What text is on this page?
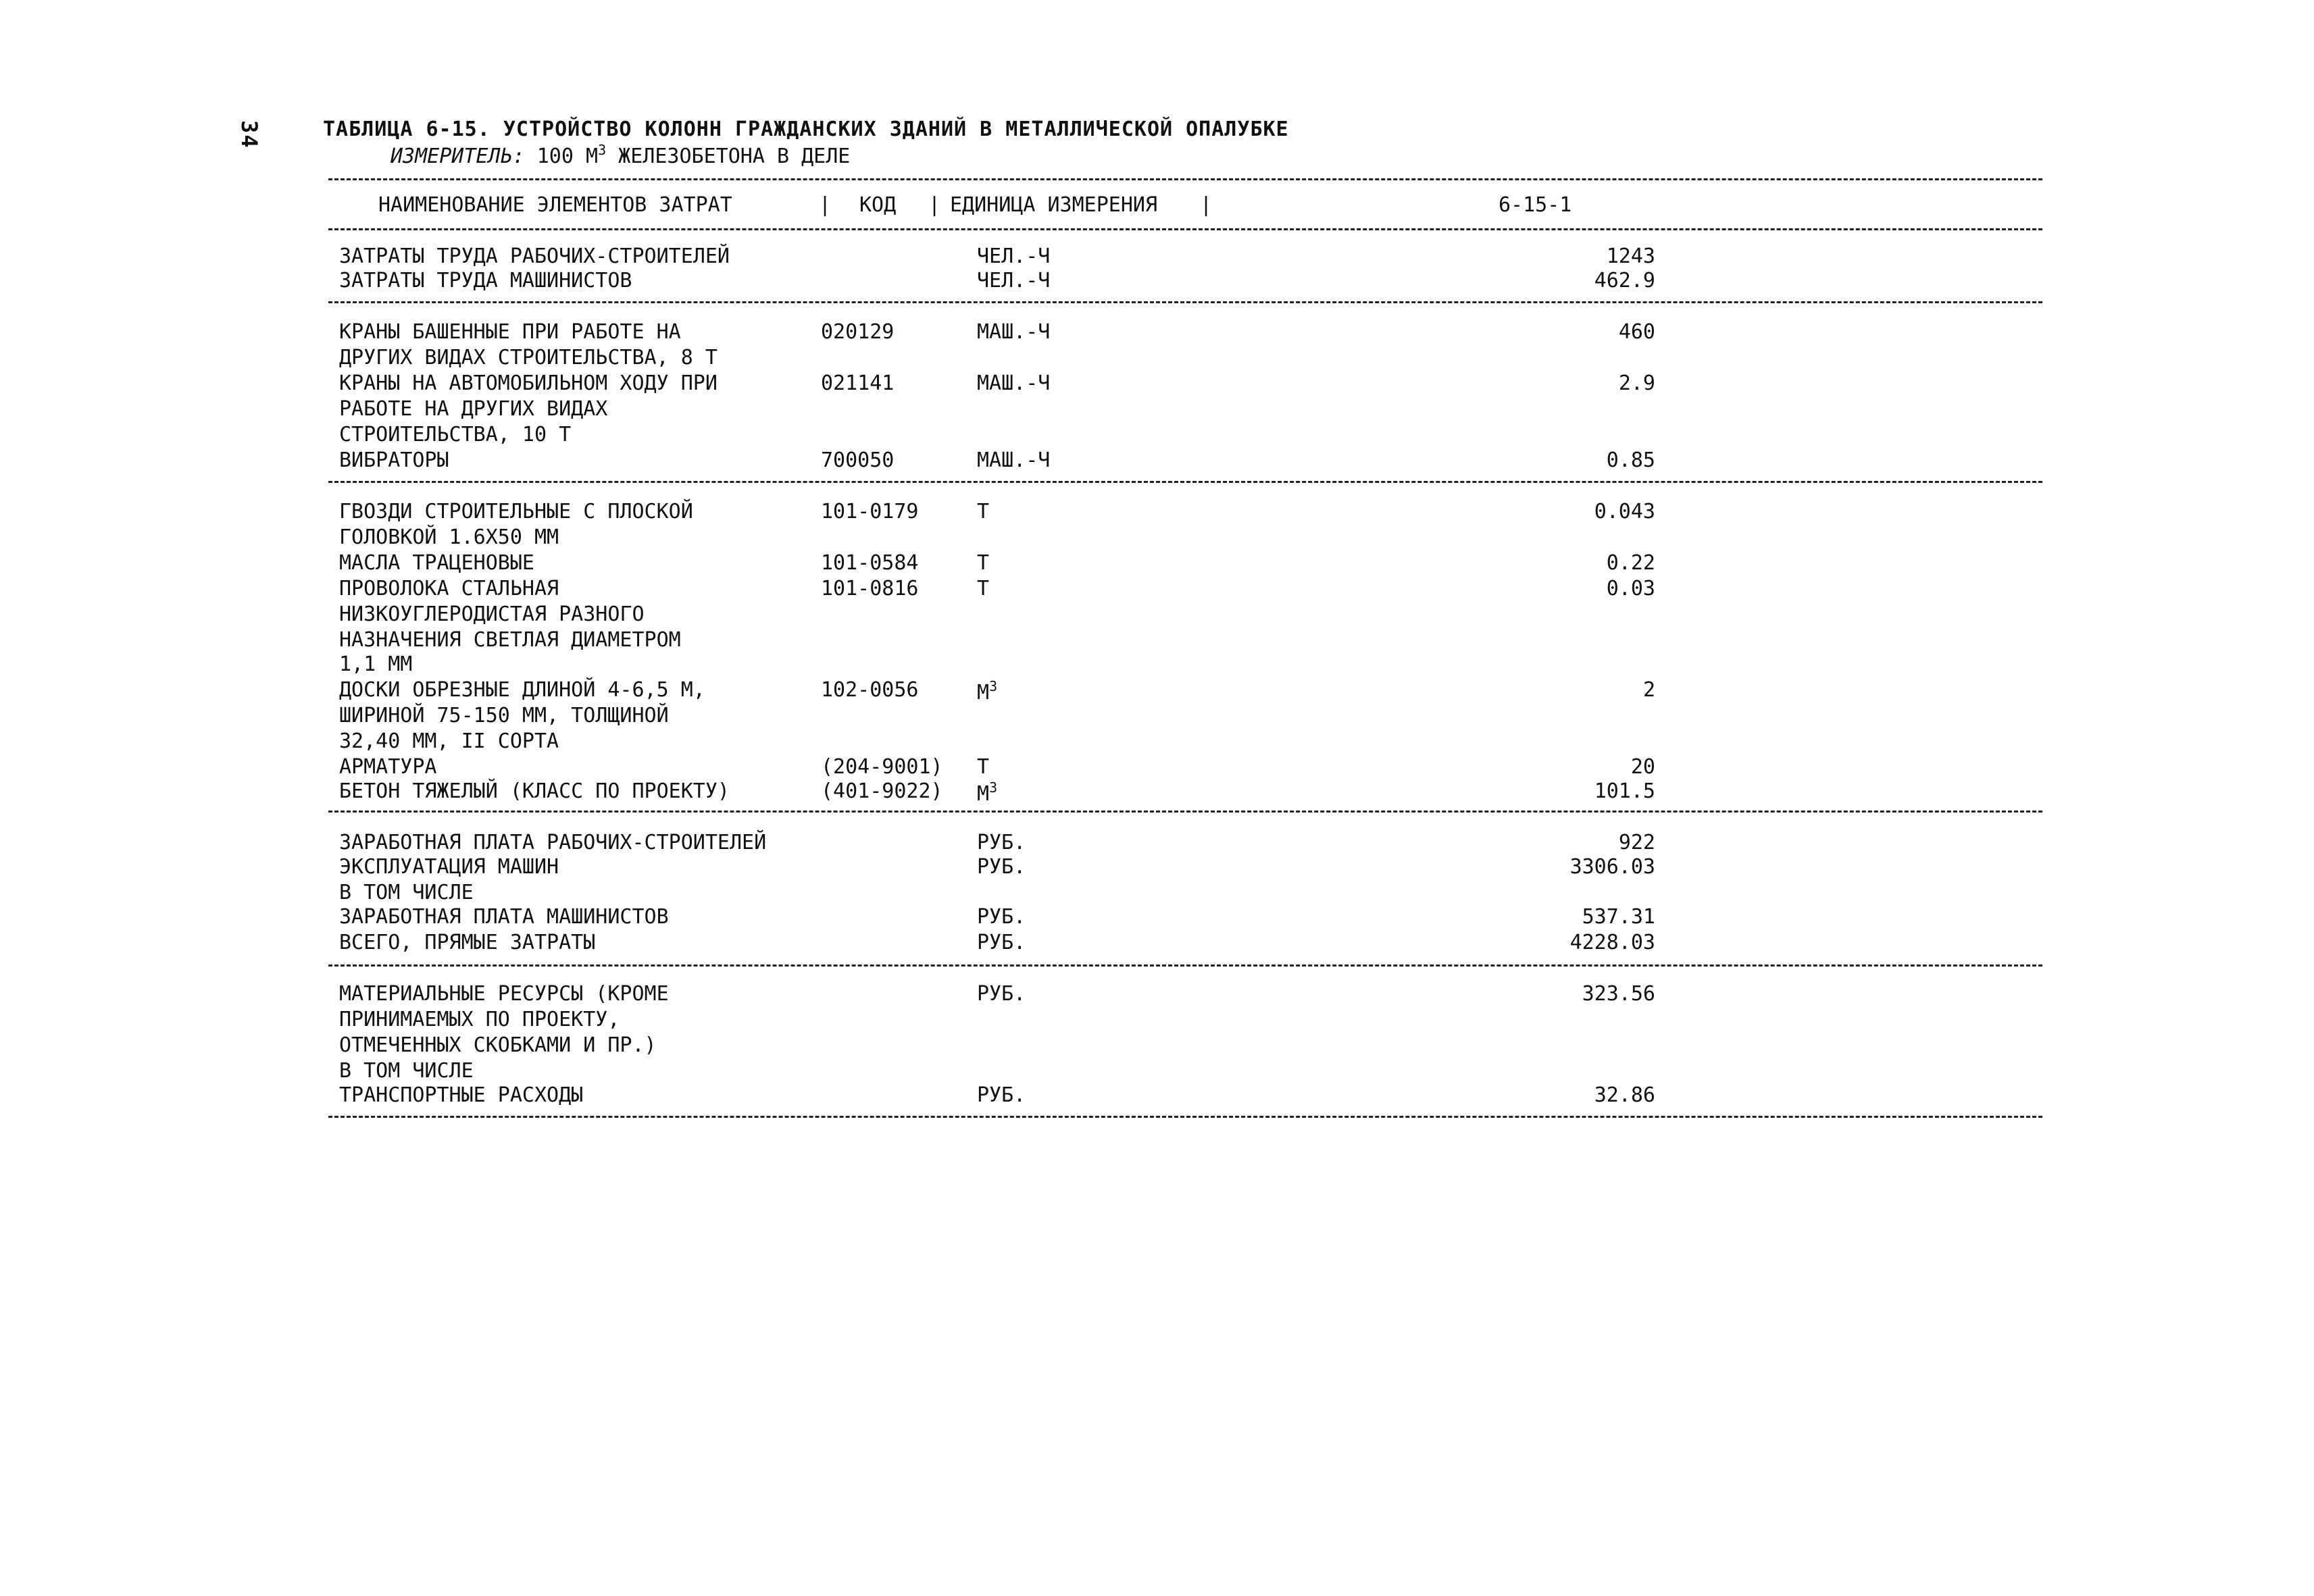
34	ТАБЛИЦА 6-15. УСТРОЙСТВО КОЛОНН ГРАЖДАНСКИХ ЗДАНИЙ В МЕТАЛЛИЧЕСКОЙ ОПАЛУБКЕ
ИЗМЕРИТЕЛЬ: 100 $М^3$ ЖЕЛЕЗОБЕТОНА В ДЕЛЕ
НАИМЕНОВАНИЕ ЭЛЕМЕНТОВ ЗАТРАТ	| КОД | ЕДИНИЦА ИЗМЕРЕНИЯ |	6-15-1
ЗАТРАТЫ ТРУДА РАБОЧИХ-СТРОИТЕЛЕЙ	ЧЕЛ.-Ч	1243
ЗАТРАТЫ ТРУДА МАШИНИСТОВ	ЧЕЛ.-Ч	462.9
КРАНЫ БАШЕННЫЕ ПРИ РАБОТЕ НА	020129	МАШ.-Ч	460
ДРУГИХ ВИДАХ СТРОИТЕЛЬСТВА, 8 Т
КРАНЫ НА АВТОМОБИЛЬНОМ ХОДУ ПРИ	021141	МАШ.-Ч	2.9
РАБОТЕ НА ДРУГИХ ВИДАХ
СТРОИТЕЛЬСТВА, 10 Т
ВИБРАТОРЫ	700050	МАШ.-Ч	0.85
ГВОЗДИ СТРОИТЕЛЬНЫЕ С ПЛОСКОЙ	101-0179	Т	0.043
ГОЛОВКОЙ 1.6Х50 ММ
МАСЛА ТРАЦЕНОВЫЕ	101-0584	Т	0.22
ПРОВОЛОКА СТАЛЬНАЯ	101-0816	Т	0.03
НИЗКОУГЛЕРОДИСТАЯ РАЗНОГО
НАЗНАЧЕНИЯ СВЕТЛАЯ ДИАМЕТРОМ
1,1 ММ
ДОСКИ ОБРЕЗНЫЕ ДЛИНОЙ 4-6,5 М,	102-0056	$М^3$	2
ШИРИНОЙ 75-150 ММ, ТОЛЩИНОЙ
32,40 ММ, II СОРТА
АРМАТУРА	(204-9001) Т	20
БЕТОН ТЯЖЕЛЫЙ (КЛАСС ПО ПРОЕКТУ)	(401-9022) $М^3$	101.5
ЗАРАБОТНАЯ ПЛАТА РАБОЧИХ-СТРОИТЕЛЕЙ	РУБ.	922
ЭКСПЛУАТАЦИЯ МАШИН	РУБ.	3306.03
В ТОМ ЧИСЛЕ
ЗАРАБОТНАЯ ПЛАТА МАШИНИСТОВ	РУБ.	537.31
ВСЕГО, ПРЯМЫЕ ЗАТРАТЫ	РУБ.	4228.03
МАТЕРИАЛЬНЫЕ РЕСУРСЫ (КРОМЕ	РУБ.	323.56
ПРИНИМАЕМЫХ ПО ПРОЕКТУ,
ОТМЕЧЕННЫХ СКОБКАМИ И ПР.)
В ТОМ ЧИСЛЕ
ТРАНСПОРТНЫЕ РАСХОДЫ	РУБ.	32.86
